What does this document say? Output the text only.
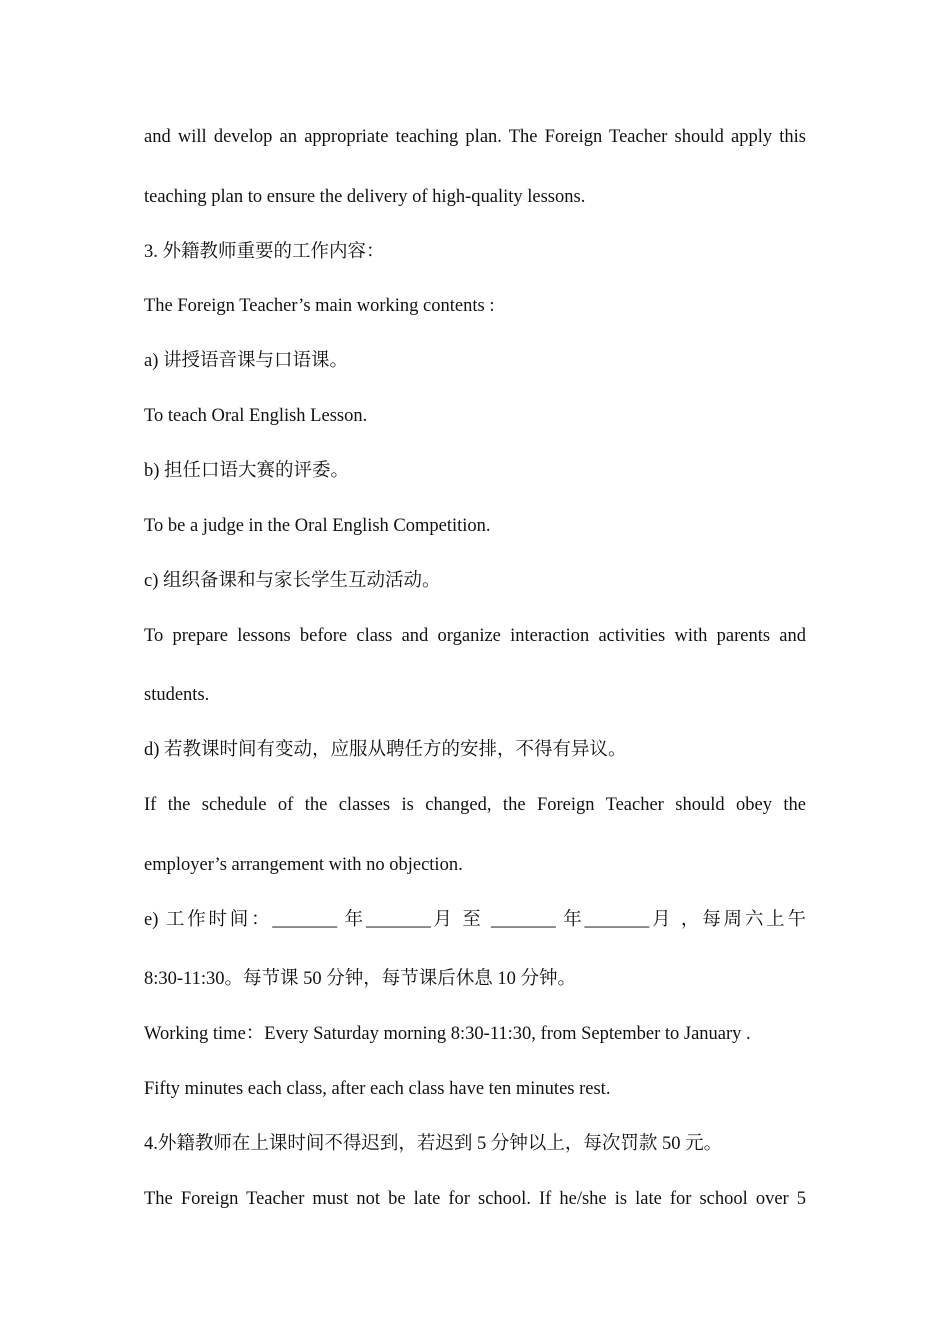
and will develop an appropriate teaching plan. The Foreign Teacher should apply this
teaching plan to ensure the delivery of high-quality lessons.
3. 外籍教师重要的工作内容：
The Foreign Teacher’s main working contents :
a) 讲授语音课与口语课。
To teach Oral English Lesson.
b) 担任口语大赛的评委。
To be a judge in the Oral English Competition.
c) 组织备课和与家长学生互动活动。
To prepare lessons before class and organize interaction activities with parents and
students.
d) 若教课时间有变动，应服从聘任方的安排，不得有异议。
If the schedule of the classes is changed, the Foreign Teacher should obey the
employer’s arrangement with no objection.
e) 工作时间：_______ 年_______月 至 _______ 年_______月 ，每周六上午
8:30-11:30。每节课 50 分钟，每节课后休息 10 分钟。
Working time：Every Saturday morning 8:30-11:30, from September to January .
Fifty minutes each class, after each class have ten minutes rest.
4.外籍教师在上课时间不得迟到，若迟到 5 分钟以上，每次罚款 50 元。
The Foreign Teacher must not be late for school. If he/she is late for school over 5
